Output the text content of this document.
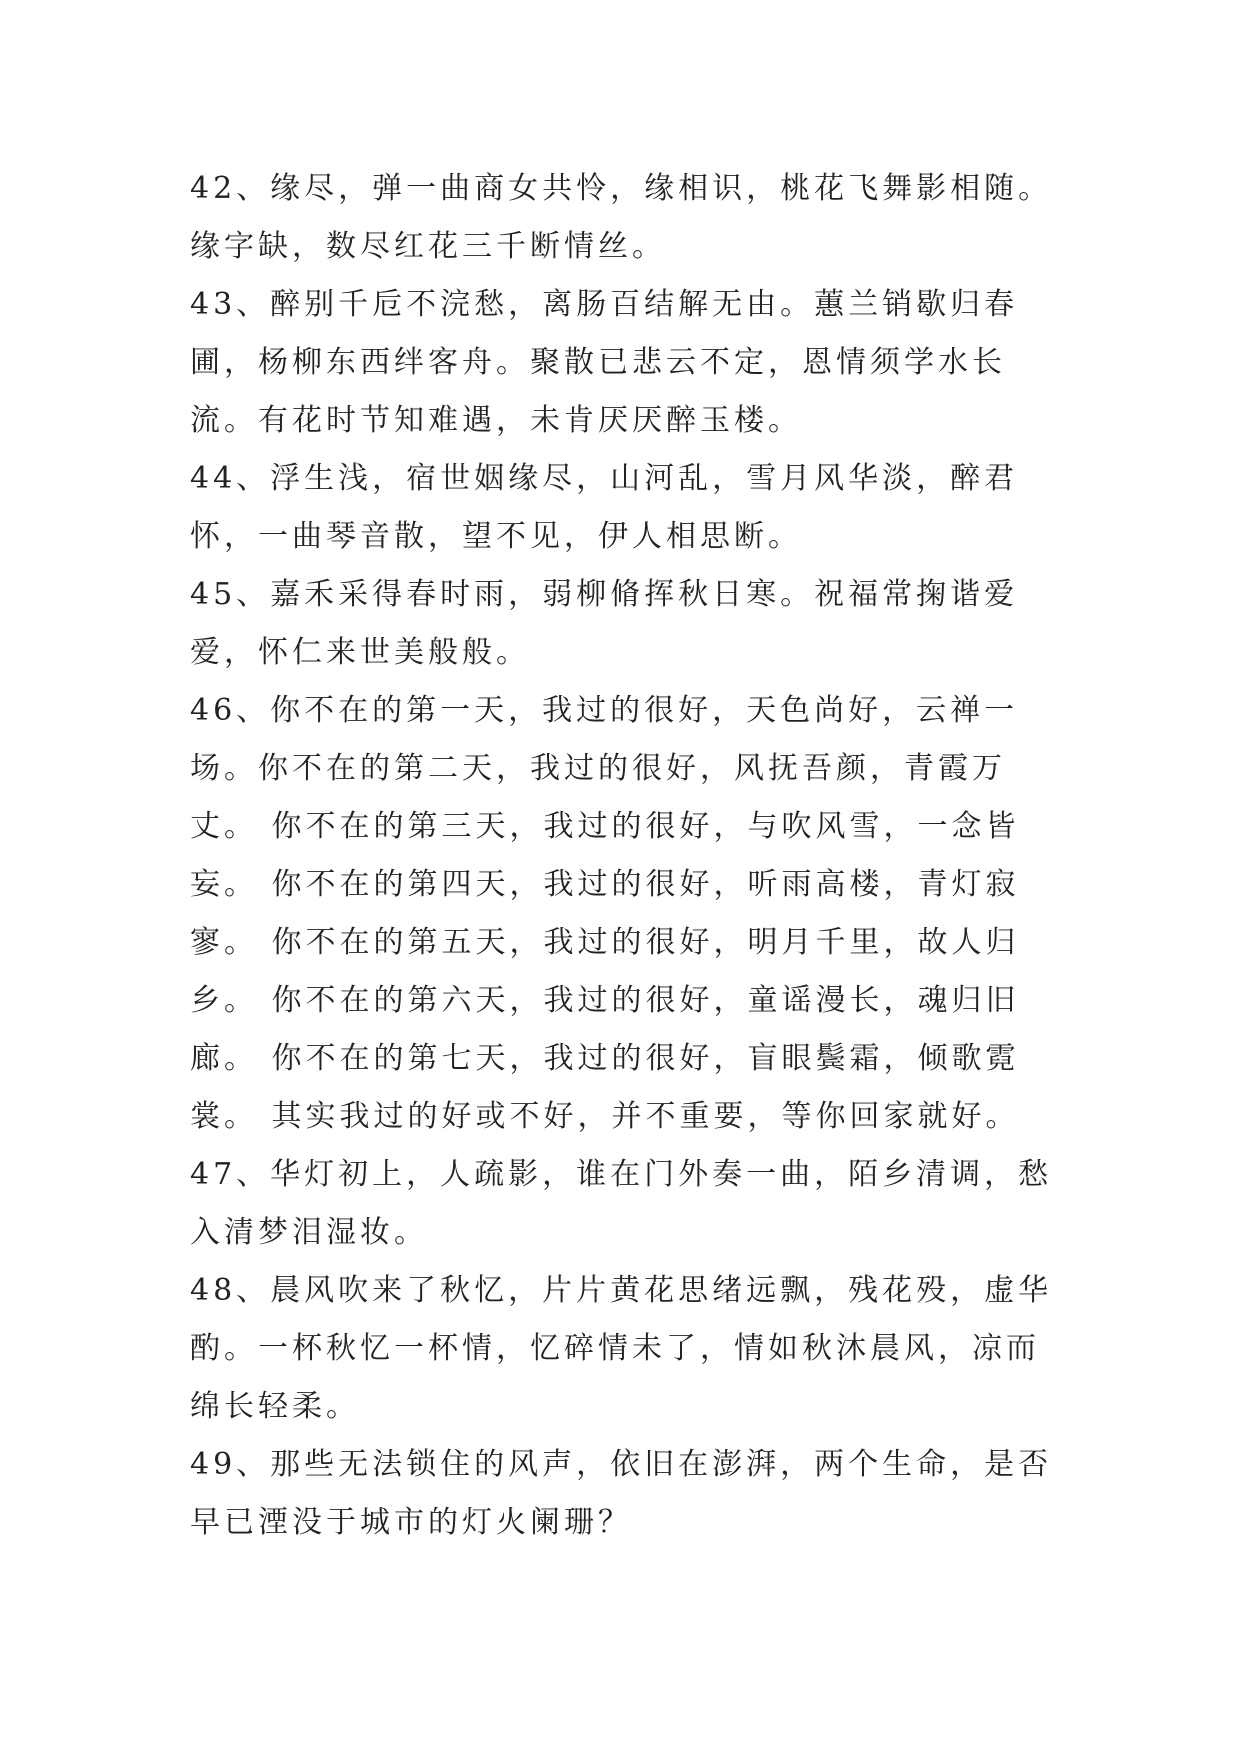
42、缘尽，弹一曲商女共怜，缘相识，桃花飞舞影相随。缘字缺，数尽红花三千断情丝。

43、醉别千卮不浣愁，离肠百结解无由。蕙兰销歇归春圃，杨柳东西绊客舟。聚散已悲云不定，恩情须学水长流。有花时节知难遇，未肯厌厌醉玉楼。

44、浮生浅，宿世姻缘尽，山河乱，雪月风华淡，醉君怀，一曲琴音散，望不见，伊人相思断。

45、嘉禾采得春时雨，弱柳脩挥秋日寒。祝福常掬谐爱爱，怀仁来世美般般。

46、你不在的第一天，我过的很好，天色尚好，云禅一场。你不在的第二天，我过的很好，风抚吾颜，青霞万丈。 你不在的第三天，我过的很好，与吹风雪，一念皆妄。 你不在的第四天，我过的很好，听雨高楼，青灯寂寥。 你不在的第五天，我过的很好，明月千里，故人归乡。 你不在的第六天，我过的很好，童谣漫长，魂归旧廊。 你不在的第七天，我过的很好，盲眼鬓霜，倾歌霓裳。 其实我过的好或不好，并不重要，等你回家就好。

47、华灯初上，人疏影，谁在门外奏一曲，陌乡清调，愁入清梦泪湿妆。

48、晨风吹来了秋忆，片片黄花思绪远飘，残花殁，虚华酌。一杯秋忆一杯情，忆碎情未了，情如秋沐晨风，凉而绵长轻柔。

49、那些无法锁住的风声，依旧在澎湃，两个生命，是否早已湮没于城市的灯火阑珊？
